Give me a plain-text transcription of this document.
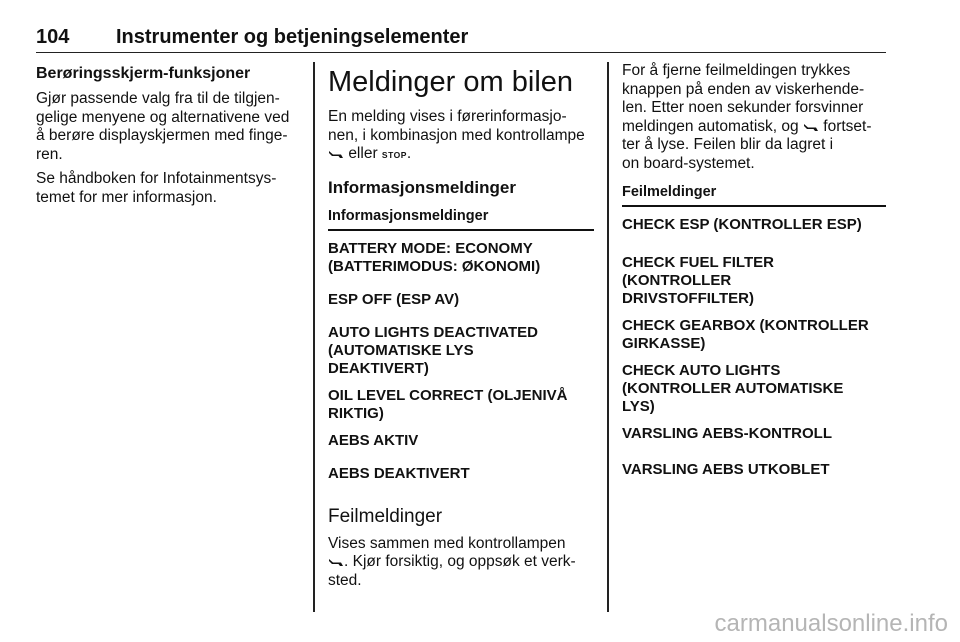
104 Instrumenter og betjeningselementer
Berøringsskjerm-funksjoner
Gjør passende valg fra til de tilgjen-
gelige menyene og alternativene ved
å berøre displayskjermen med finge-
ren.
Se håndboken for Infotainmentsys-
temet for mer informasjon.
Meldinger om bilen
En melding vises i førerinformasjo-
nen, i kombinasjon med kontrollampe
eller STOP.
Informasjonsmeldinger
Informasjonsmeldinger
BATTERY MODE: ECONOMY
(BATTERIMODUS: ØKONOMI)
ESP OFF (ESP AV)
AUTO LIGHTS DEACTIVATED
(AUTOMATISKE LYS
DEAKTIVERT)
OIL LEVEL CORRECT (OLJENIVÅ
RIKTIG)
AEBS AKTIV
AEBS DEAKTIVERT
Feilmeldinger
Vises sammen med kontrollampen
. Kjør forsiktig, og oppsøk et verk-
sted.
For å fjerne feilmeldingen trykkes
knappen på enden av viskerhende-
len. Etter noen sekunder forsvinner
meldingen automatisk, og fortset-
ter å lyse. Feilen blir da lagret i
on board-systemet.
Feilmeldinger
CHECK ESP (KONTROLLER ESP)
CHECK FUEL FILTER
(KONTROLLER
DRIVSTOFFILTER)
CHECK GEARBOX (KONTROLLER
GIRKASSE)
CHECK AUTO LIGHTS
(KONTROLLER AUTOMATISKE
LYS)
VARSLING AEBS-KONTROLL
VARSLING AEBS UTKOBLET
carmanualsonline.info
